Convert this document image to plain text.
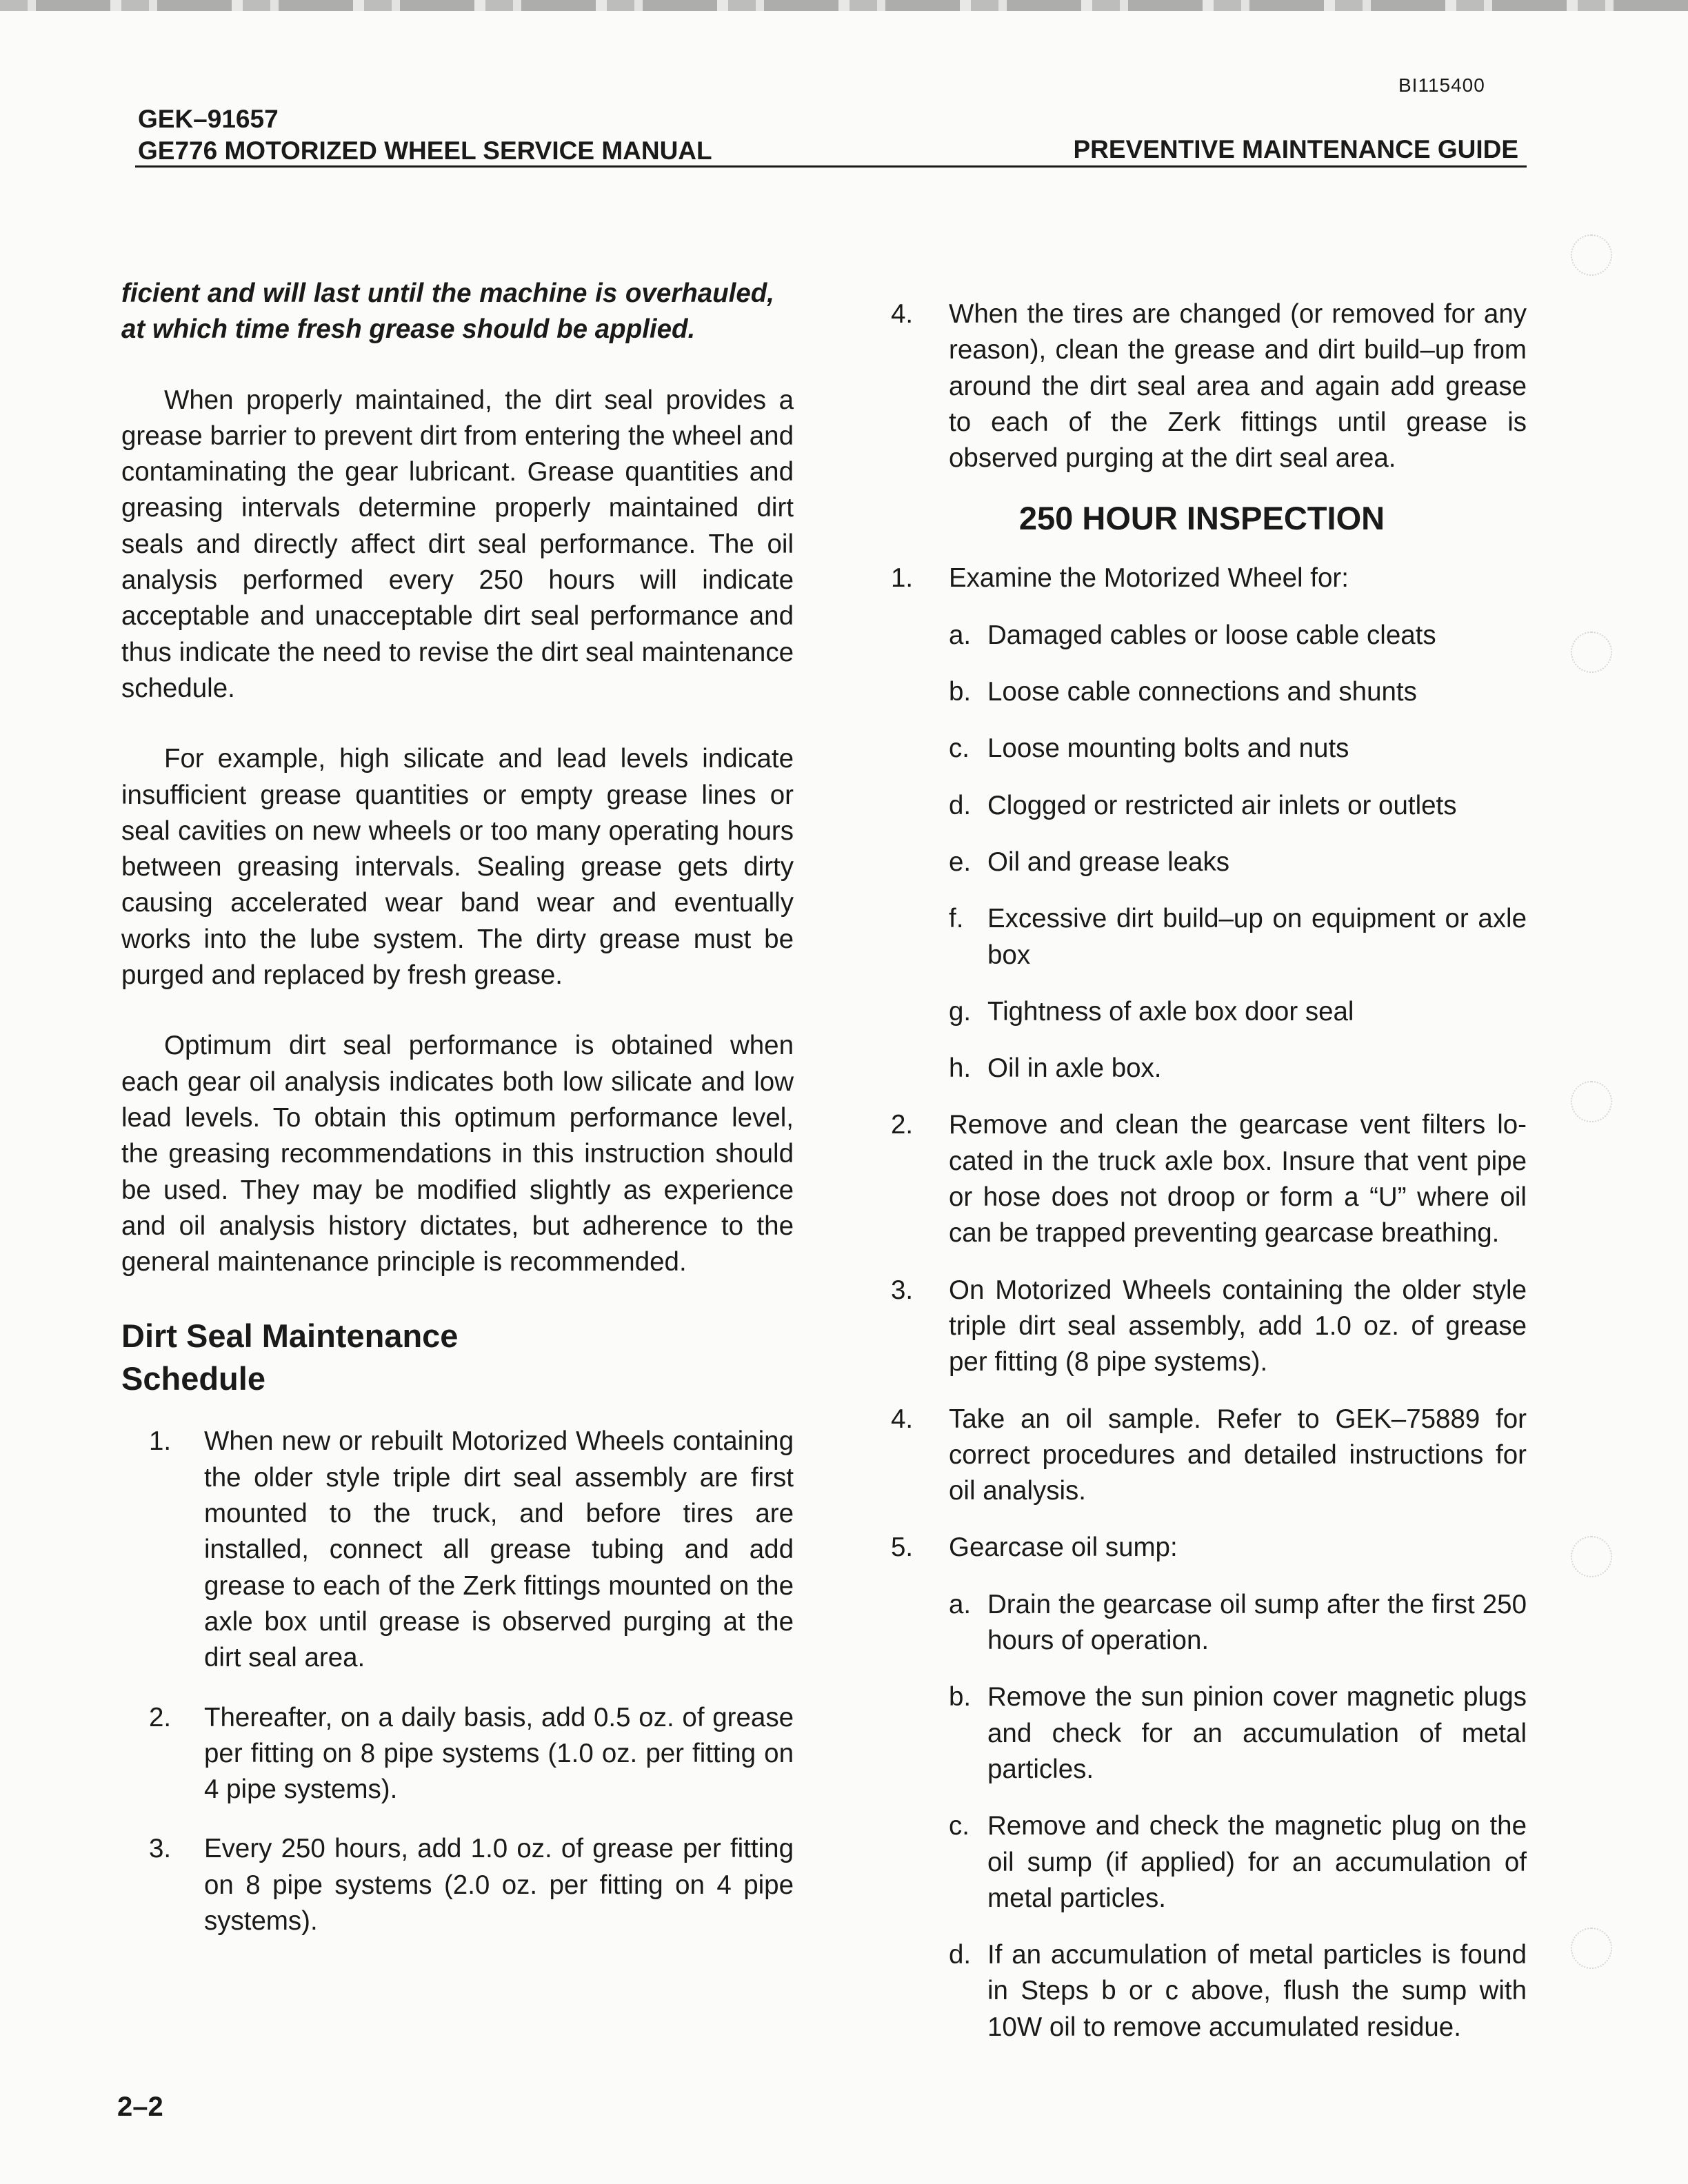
BI115400
GEK–91657
GE776 MOTORIZED WHEEL SERVICE MANUAL	PREVENTIVE MAINTENANCE GUIDE

ficient and will last until the machine is overhauled, at which time fresh grease should be applied.

When properly maintained, the dirt seal provides a grease barrier to prevent dirt from entering the wheel and contaminating the gear lubricant. Grease quantities and greasing intervals determine properly maintained dirt seals and directly affect dirt seal performance. The oil analysis performed every 250 hours will indicate acceptable and unacceptable dirt seal performance and thus indicate the need to revise the dirt seal maintenance schedule.

For example, high silicate and lead levels indicate insufficient grease quantities or empty grease lines or seal cavities on new wheels or too many operating hours between greasing intervals. Sealing grease gets dirty causing accelerated wear band wear and eventually works into the lube system. The dirty grease must be purged and replaced by fresh grease.

Optimum dirt seal performance is obtained when each gear oil analysis indicates both low silicate and low lead levels. To obtain this optimum performance level, the greasing recommendations in this instruction should be used. They may be modified slightly as experience and oil analysis history dictates, but adherence to the general maintenance principle is recommended.

Dirt Seal Maintenance
Schedule

1. When new or rebuilt Motorized Wheels containing the older style triple dirt seal assembly are first mounted to the truck, and before tires are installed, connect all grease tubing and add grease to each of the Zerk fittings mounted on the axle box until grease is observed purging at the dirt seal area.

2. Thereafter, on a daily basis, add 0.5 oz. of grease per fitting on 8 pipe systems (1.0 oz. per fitting on 4 pipe systems).

3. Every 250 hours, add 1.0 oz. of grease per fitting on 8 pipe systems (2.0 oz. per fitting on 4 pipe systems).

4. When the tires are changed (or removed for any reason), clean the grease and dirt build–up from around the dirt seal area and again add grease to each of the Zerk fittings until grease is observed purging at the dirt seal area.

250 HOUR INSPECTION

1. Examine the Motorized Wheel for:

a. Damaged cables or loose cable cleats

b. Loose cable connections and shunts

c. Loose mounting bolts and nuts

d. Clogged or restricted air inlets or outlets

e. Oil and grease leaks

f. Excessive dirt build–up on equipment or axle box

g. Tightness of axle box door seal

h. Oil in axle box.

2. Remove and clean the gearcase vent filters located in the truck axle box. Insure that vent pipe or hose does not droop or form a “U” where oil can be trapped preventing gearcase breathing.

3. On Motorized Wheels containing the older style triple dirt seal assembly, add 1.0 oz. of grease per fitting (8 pipe systems).

4. Take an oil sample. Refer to GEK–75889 for correct procedures and detailed instructions for oil analysis.

5. Gearcase oil sump:

a. Drain the gearcase oil sump after the first 250 hours of operation.

b. Remove the sun pinion cover magnetic plugs and check for an accumulation of metal particles.

c. Remove and check the magnetic plug on the oil sump (if applied) for an accumulation of metal particles.

d. If an accumulation of metal particles is found in Steps b or c above, flush the sump with 10W oil to remove accumulated residue.

2–2
